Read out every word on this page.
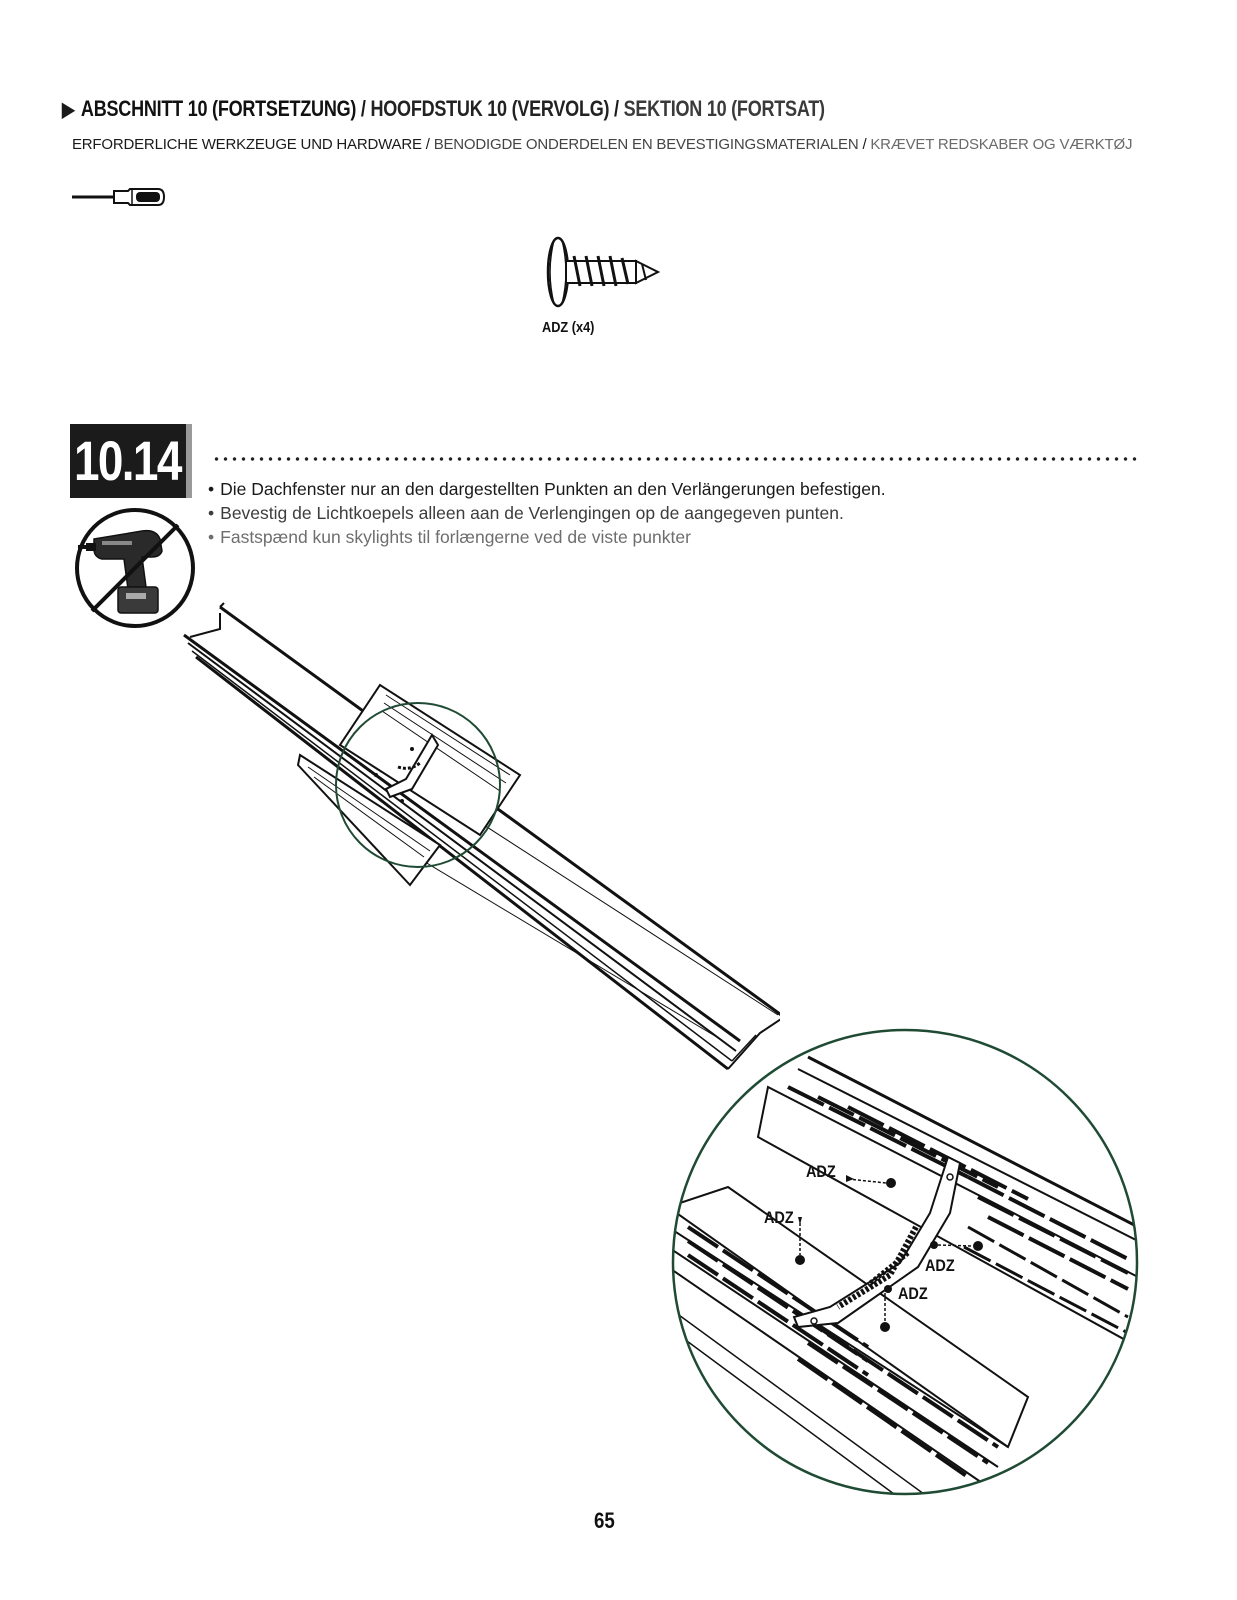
▶ ABSCHNITT 10 (FORTSETZUNG) / HOOFDSTUK 10 (VERVOLG) / SEKTION 10 (FORTSAT)
ERFORDERLICHE WERKZEUGE UND HARDWARE / BENODIGDE ONDERDELEN EN BEVESTIGINGSMATERIALEN / KRÆVET REDSKABER OG VÆRKTØJ
ADZ (x4)
10.14
•	Die Dachfenster nur an den dargestellten Punkten an den Verlängerungen befestigen.
• Bevestig de Lichtkoepels alleen aan de Verlengingen op de aangegeven punten.
• Fastspænd kun skylights til forlængerne ved de viste punkter
ADZ
ADZ
ADZ
ADZ
65
